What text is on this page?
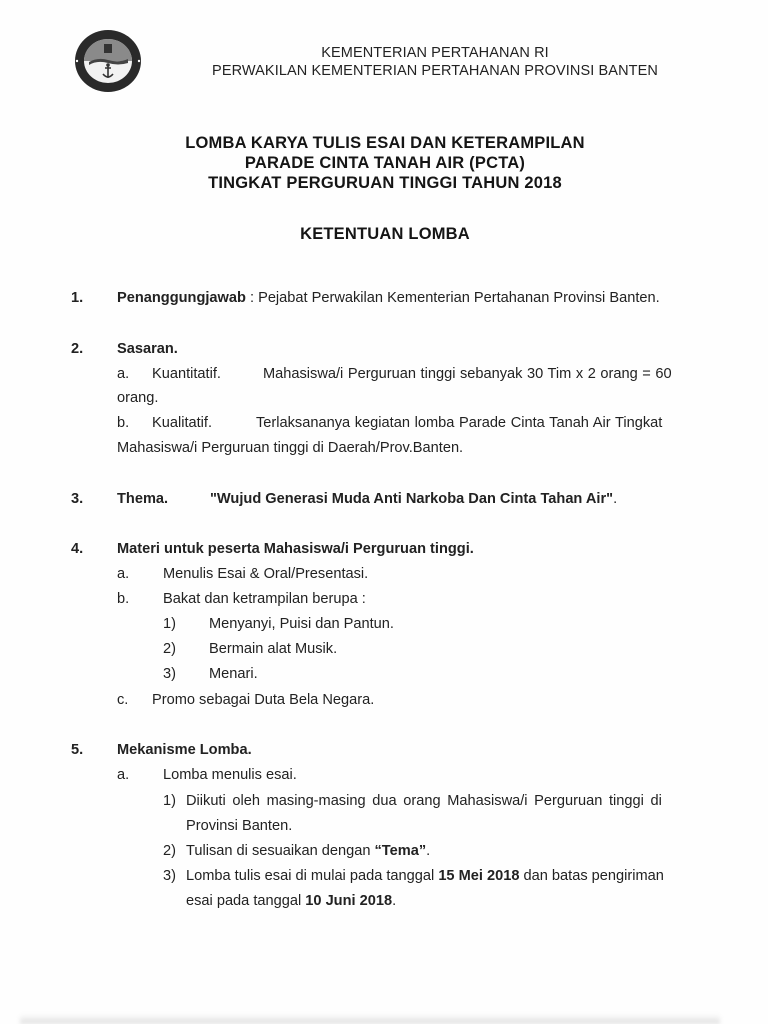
KEMENTERIAN PERTAHANAN RI
PERWAKILAN KEMENTERIAN PERTAHANAN PROVINSI BANTEN
LOMBA KARYA TULIS ESAI DAN KETERAMPILAN
PARADE CINTA TANAH AIR (PCTA)
TINGKAT PERGURUAN TINGGI TAHUN 2018
KETENTUAN LOMBA
1. Penanggungjawab : Pejabat Perwakilan Kementerian Pertahanan Provinsi Banten.
2. Sasaran.
a. Kuantitatif.	Mahasiswa/i Perguruan tinggi sebanyak 30 Tim x 2 orang = 60
orang.
b. Kualitatif.	Terlaksananya kegiatan lomba Parade Cinta Tanah Air Tingkat
Mahasiswa/i Perguruan tinggi di Daerah/Prov.Banten.
3. Thema.	"Wujud Generasi Muda Anti Narkoba Dan Cinta Tahan Air".
4. Materi untuk peserta Mahasiswa/i Perguruan tinggi.
a. Menulis Esai & Oral/Presentasi.
b. Bakat dan ketrampilan berupa :
1) Menyanyi, Puisi dan Pantun.
2) Bermain alat Musik.
3) Menari.
c. Promo sebagai Duta Bela Negara.
5. Mekanisme Lomba.
a. Lomba menulis esai.
1) Diikuti oleh masing-masing dua orang Mahasiswa/i Perguruan tinggi di
Provinsi Banten.
2) Tulisan di sesuaikan dengan “Tema”.
3) Lomba tulis esai di mulai pada tanggal 15 Mei 2018 dan batas pengiriman
esai pada tanggal 10 Juni 2018.
